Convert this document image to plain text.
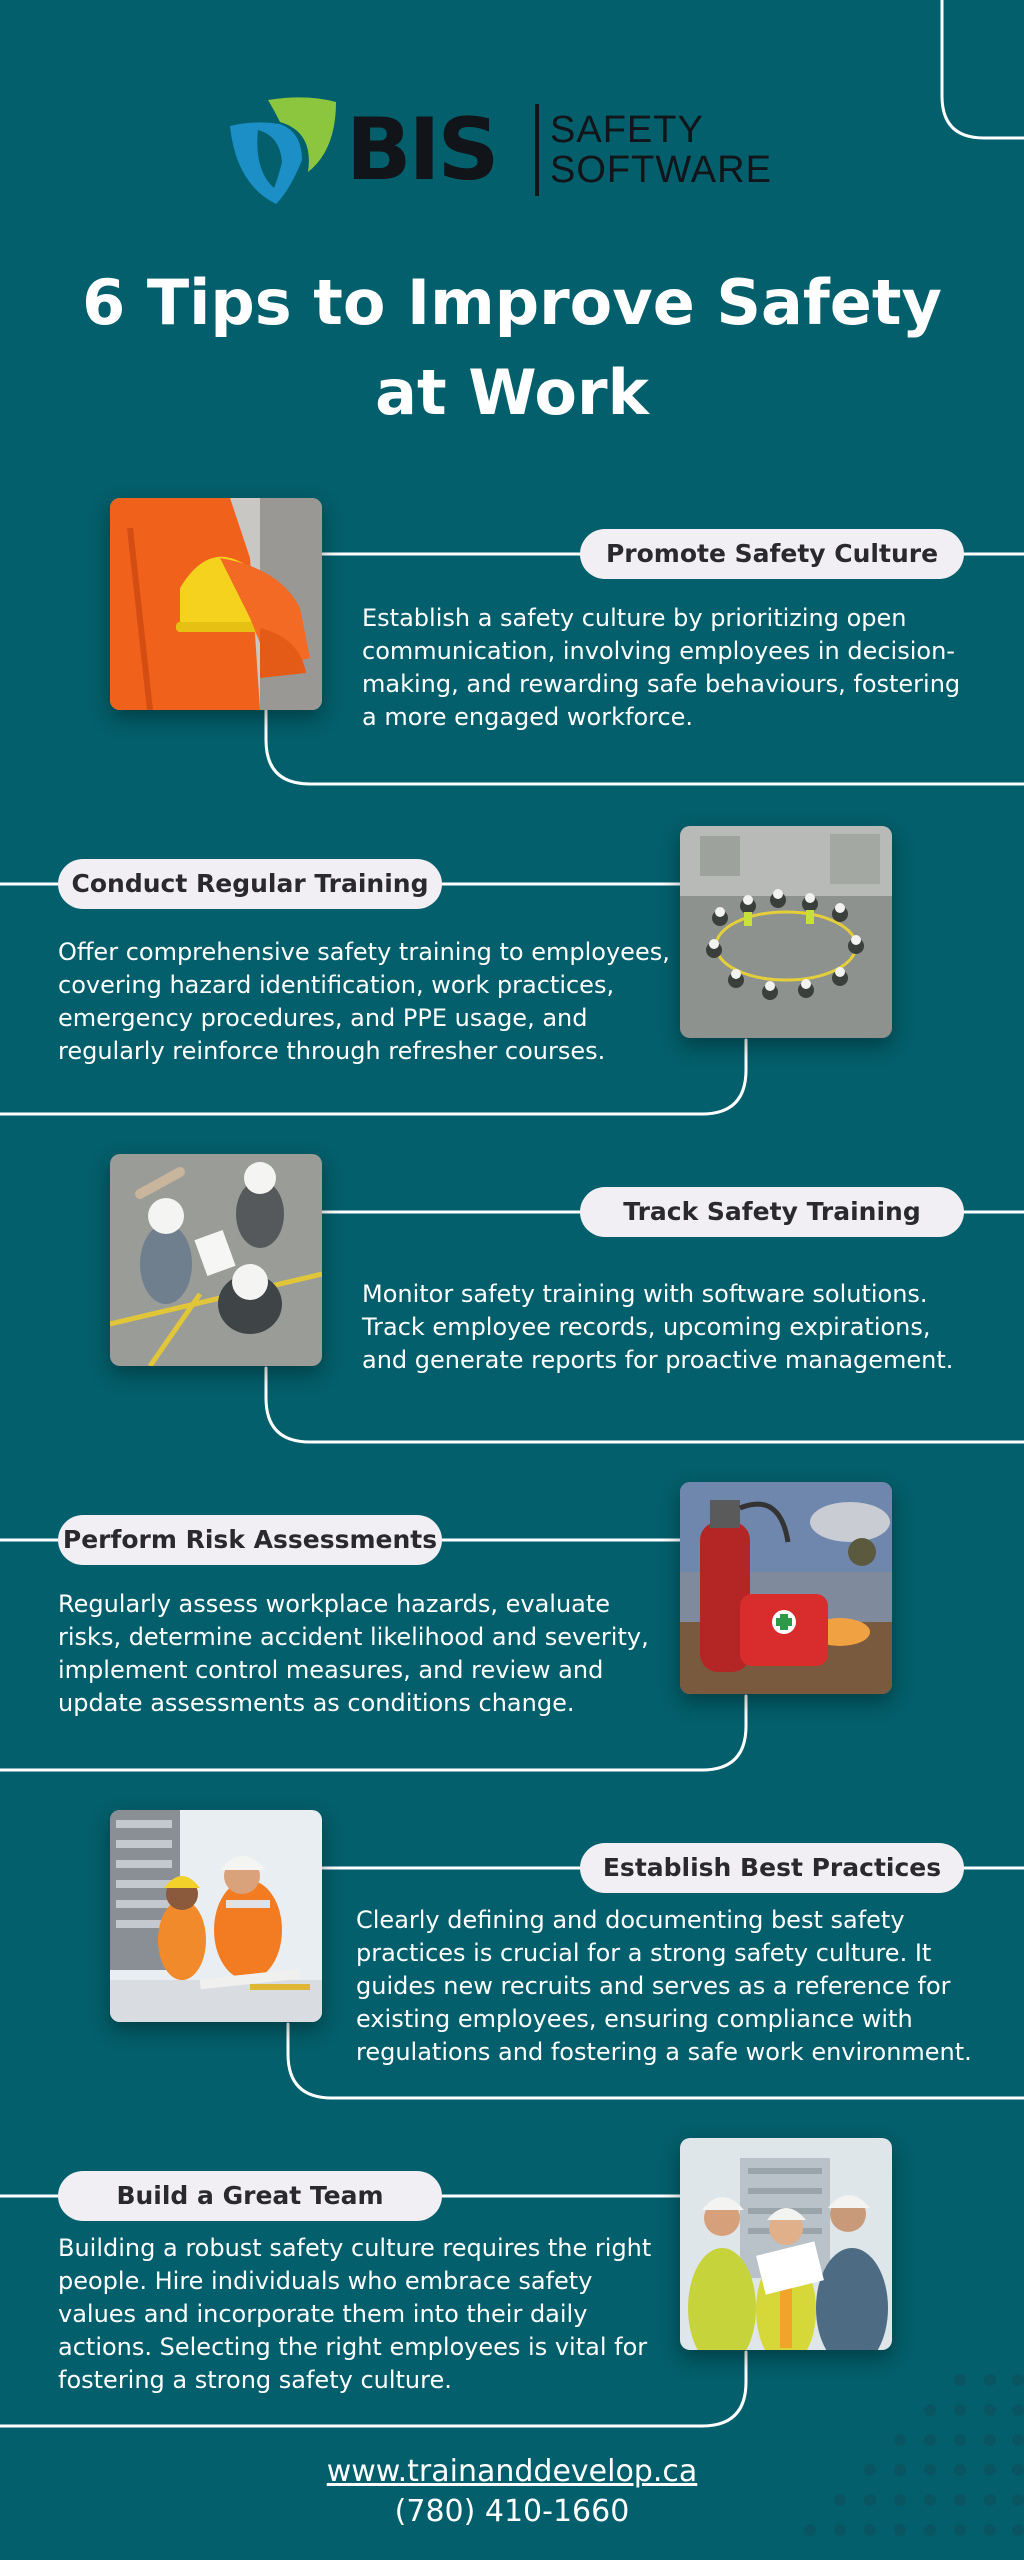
BIS SAFETY
SOFTWARE
6 Tips to Improve Safety at Work
Promote Safety Culture
Establish a safety culture by prioritizing open communication, involving employees in decision-making, and rewarding safe behaviours, fostering a more engaged workforce.
Conduct Regular Training
Offer comprehensive safety training to employees, covering hazard identification, work practices, emergency procedures, and PPE usage, and regularly reinforce through refresher courses.
Track Safety Training
Monitor safety training with software solutions. Track employee records, upcoming expirations, and generate reports for proactive management.
Perform Risk Assessments
Regularly assess workplace hazards, evaluate risks, determine accident likelihood and severity, implement control measures, and review and update assessments as conditions change.
Establish Best Practices
Clearly defining and documenting best safety practices is crucial for a strong safety culture. It guides new recruits and serves as a reference for existing employees, ensuring compliance with regulations and fostering a safe work environment.
Build a Great Team
Building a robust safety culture requires the right people. Hire individuals who embrace safety values and incorporate them into their daily actions. Selecting the right employees is vital for fostering a strong safety culture.
www.trainanddevelop.ca
(780) 410-1660
